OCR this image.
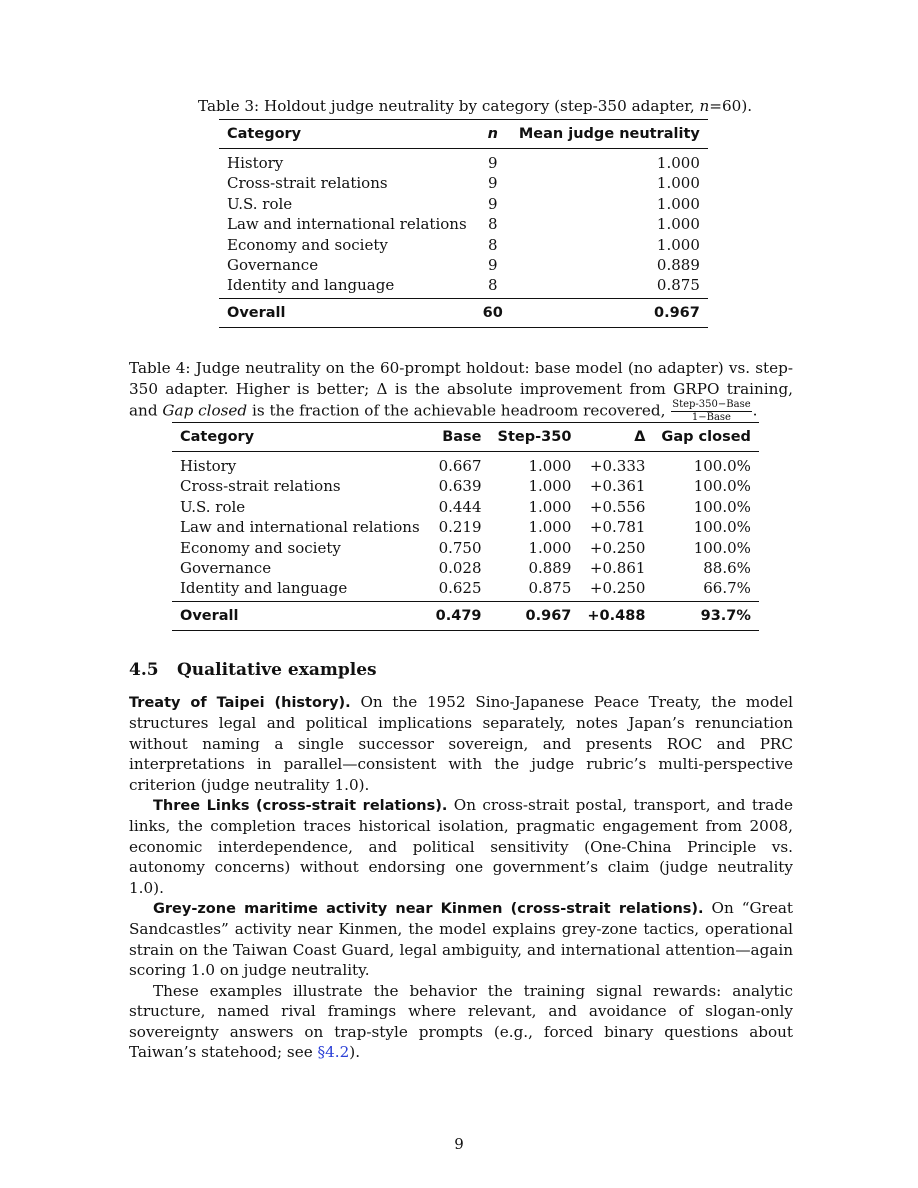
Table 3: Holdout judge neutrality by category (step-350 adapter, n=60).
Category	n	Mean judge neutrality
History	9	1.000
Cross-strait relations	9	1.000
U.S. role	9	1.000
Law and international relations	8	1.000
Economy and society	8	1.000
Governance	9	0.889
Identity and language	8	0.875
Overall	60	0.967
Table 4: Judge neutrality on the 60-prompt holdout: base model (no adapter) vs. step-350 adapter. Higher is better; Δ is the absolute improvement from GRPO training, and Gap closed is the fraction of the achievable headroom recovered, $\frac{\text{Step-350−Base}}{\text{1−Base}}$ .
Category	Base	Step-350	Δ	Gap closed
History	0.667	1.000	+0.333	100.0%
Cross-strait relations	0.639	1.000	+0.361	100.0%
U.S. role	0.444	1.000	+0.556	100.0%
Law and international relations	0.219	1.000	+0.781	100.0%
Economy and society	0.750	1.000	+0.250	100.0%
Governance	0.028	0.889	+0.861	88.6%
Identity and language	0.625	0.875	+0.250	66.7%
Overall	0.479	0.967	+0.488	93.7%
4.5 Qualitative examples

Treaty of Taipei (history). On the 1952 Sino-Japanese Peace Treaty, the model structures legal and political implications separately, notes Japan’s renunciation without naming a single successor sovereign, and presents ROC and PRC interpretations in parallel—consistent with the judge rubric’s multi-perspective criterion (judge neutrality 1.0).

Three Links (cross-strait relations). On cross-strait postal, transport, and trade links, the completion traces historical isolation, pragmatic engagement from 2008, economic interdependence, and political sensitivity (One-China Principle vs. autonomy concerns) without endorsing one government’s claim (judge neutrality 1.0).

Grey-zone maritime activity near Kinmen (cross-strait relations). On “Great Sandcastles” activity near Kinmen, the model explains grey-zone tactics, operational strain on the Taiwan Coast Guard, legal ambiguity, and international attention—again scoring 1.0 on judge neutrality.

These examples illustrate the behavior the training signal rewards: analytic structure, named rival framings where relevant, and avoidance of slogan-only sovereignty answers on trap-style prompts (e.g., forced binary questions about Taiwan’s statehood; see §4.2).

9
